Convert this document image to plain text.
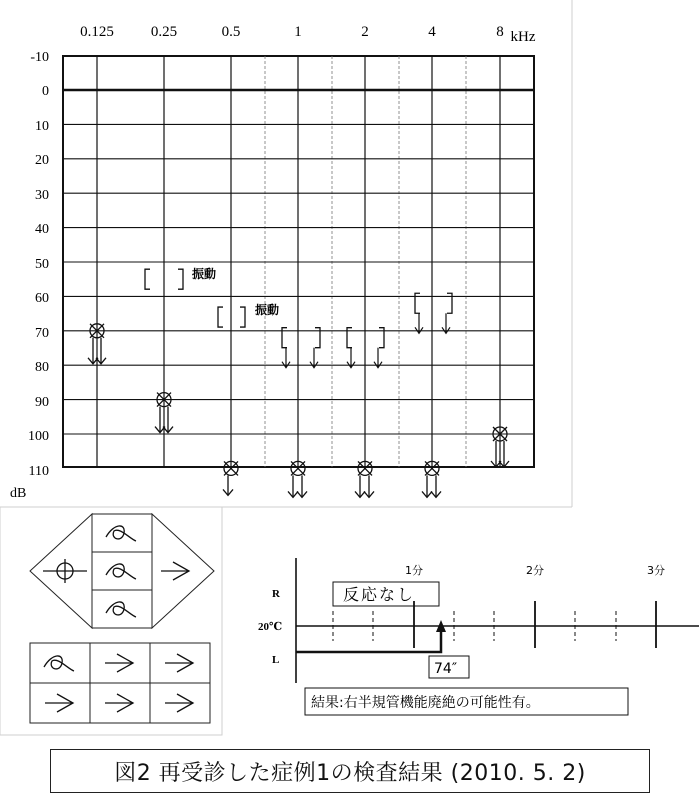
0.125 0.25	0.5	1	2	4	8 kHz
-10
0
10
20
30
40
50
60
70
80
90
100
110
dB
振動
振動
R
20℃
L
1分	2分	3分
反応なし
74″
結果:右半規管機能廃絶の可能性有。
図2 再受診した症例1の検査結果 (2010. 5. 2)
